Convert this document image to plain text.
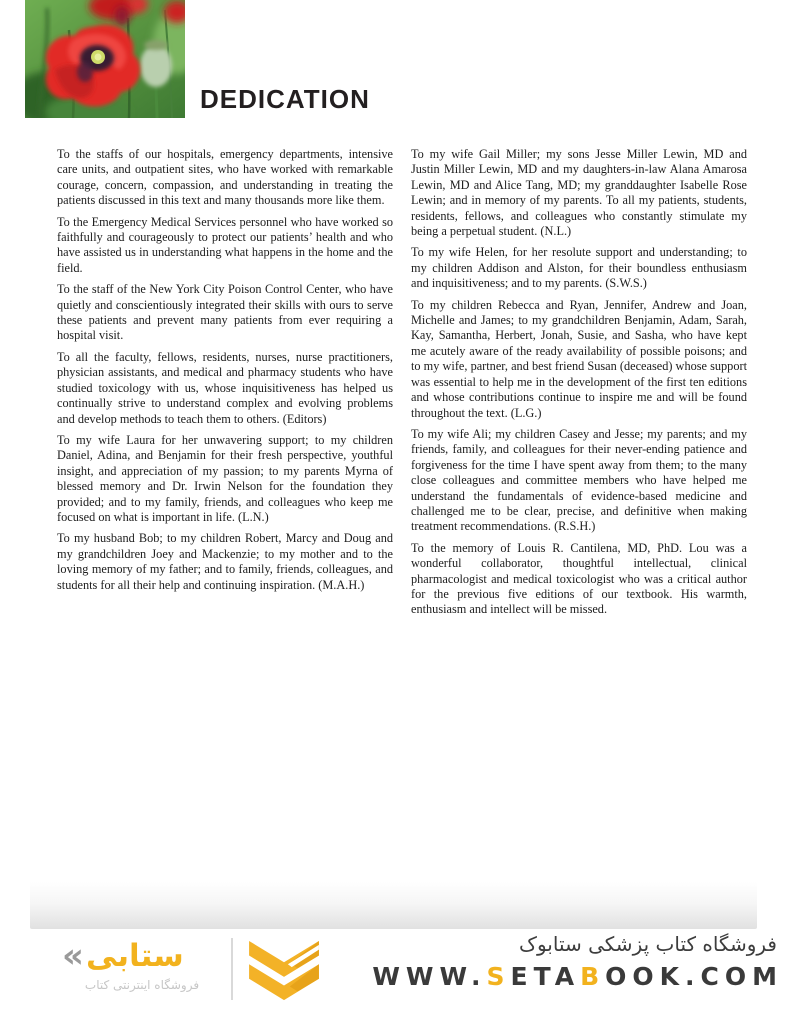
DEDICATION

To the staffs of our hospitals, emergency departments, intensive care units, and outpatient sites, who have worked with remarkable courage, concern, compassion, and understanding in treating the patients discussed in this text and many thousands more like them.

To the Emergency Medical Services personnel who have worked so faithfully and courageously to protect our patients’ health and who have assisted us in understanding what happens in the home and the field.

To the staff of the New York City Poison Control Center, who have quietly and conscientiously integrated their skills with ours to serve these patients and prevent many patients from ever requiring a hospital visit.

To all the faculty, fellows, residents, nurses, nurse practitioners, physician assistants, and medical and pharmacy students who have studied toxicology with us, whose inquisitiveness has helped us continually strive to understand complex and evolving problems and develop methods to teach them to others. (Editors)

To my wife Laura for her unwavering support; to my children Daniel, Adina, and Benjamin for their fresh perspective, youthful insight, and appreciation of my passion; to my parents Myrna of blessed memory and Dr. Irwin Nelson for the foundation they provided; and to my family, friends, and colleagues who keep me focused on what is important in life. (L.N.)

To my husband Bob; to my children Robert, Marcy and Doug and my grandchildren Joey and Mackenzie; to my mother and to the loving memory of my father; and to family, friends, colleagues, and students for all their help and continuing inspiration. (M.A.H.)

To my wife Gail Miller; my sons Jesse Miller Lewin, MD and Justin Miller Lewin, MD and my daughters-in-law Alana Amarosa Lewin, MD and Alice Tang, MD; my granddaughter Isabelle Rose Lewin; and in memory of my parents. To all my patients, students, residents, fellows, and colleagues who constantly stimulate my being a perpetual student. (N.L.)

To my wife Helen, for her resolute support and understanding; to my children Addison and Alston, for their boundless enthusiasm and inquisitiveness; and to my parents. (S.W.S.)

To my children Rebecca and Ryan, Jennifer, Andrew and Joan, Michelle and James; to my grandchildren Benjamin, Adam, Sarah, Kay, Samantha, Herbert, Jonah, Susie, and Sasha, who have kept me acutely aware of the ready availability of possible poisons; and to my wife, partner, and best friend Susan (deceased) whose support was essential to help me in the development of the first ten editions and whose contributions continue to inspire me and will be found throughout the text. (L.G.)

To my wife Ali; my children Casey and Jesse; my parents; and my friends, family, and colleagues for their never-ending patience and forgiveness for the time I have spent away from them; to the many close colleagues and committee members who have helped me understand the fundamentals of evidence-based medicine and challenged me to be clear, precise, and definitive when making treatment recommendations. (R.S.H.)

To the memory of Louis R. Cantilena, MD, PhD. Lou was a wonderful collaborator, thoughtful intellectual, clinical pharmacologist and medical toxicologist who was a critical author for the previous five editions of our textbook. His warmth, enthusiasm and intellect will be missed.

« ستابی
فروشگاه اینترنتی کتاب
فروشگاه کتاب پزشکی ستابوک
WWW.SETABOOK.COM
